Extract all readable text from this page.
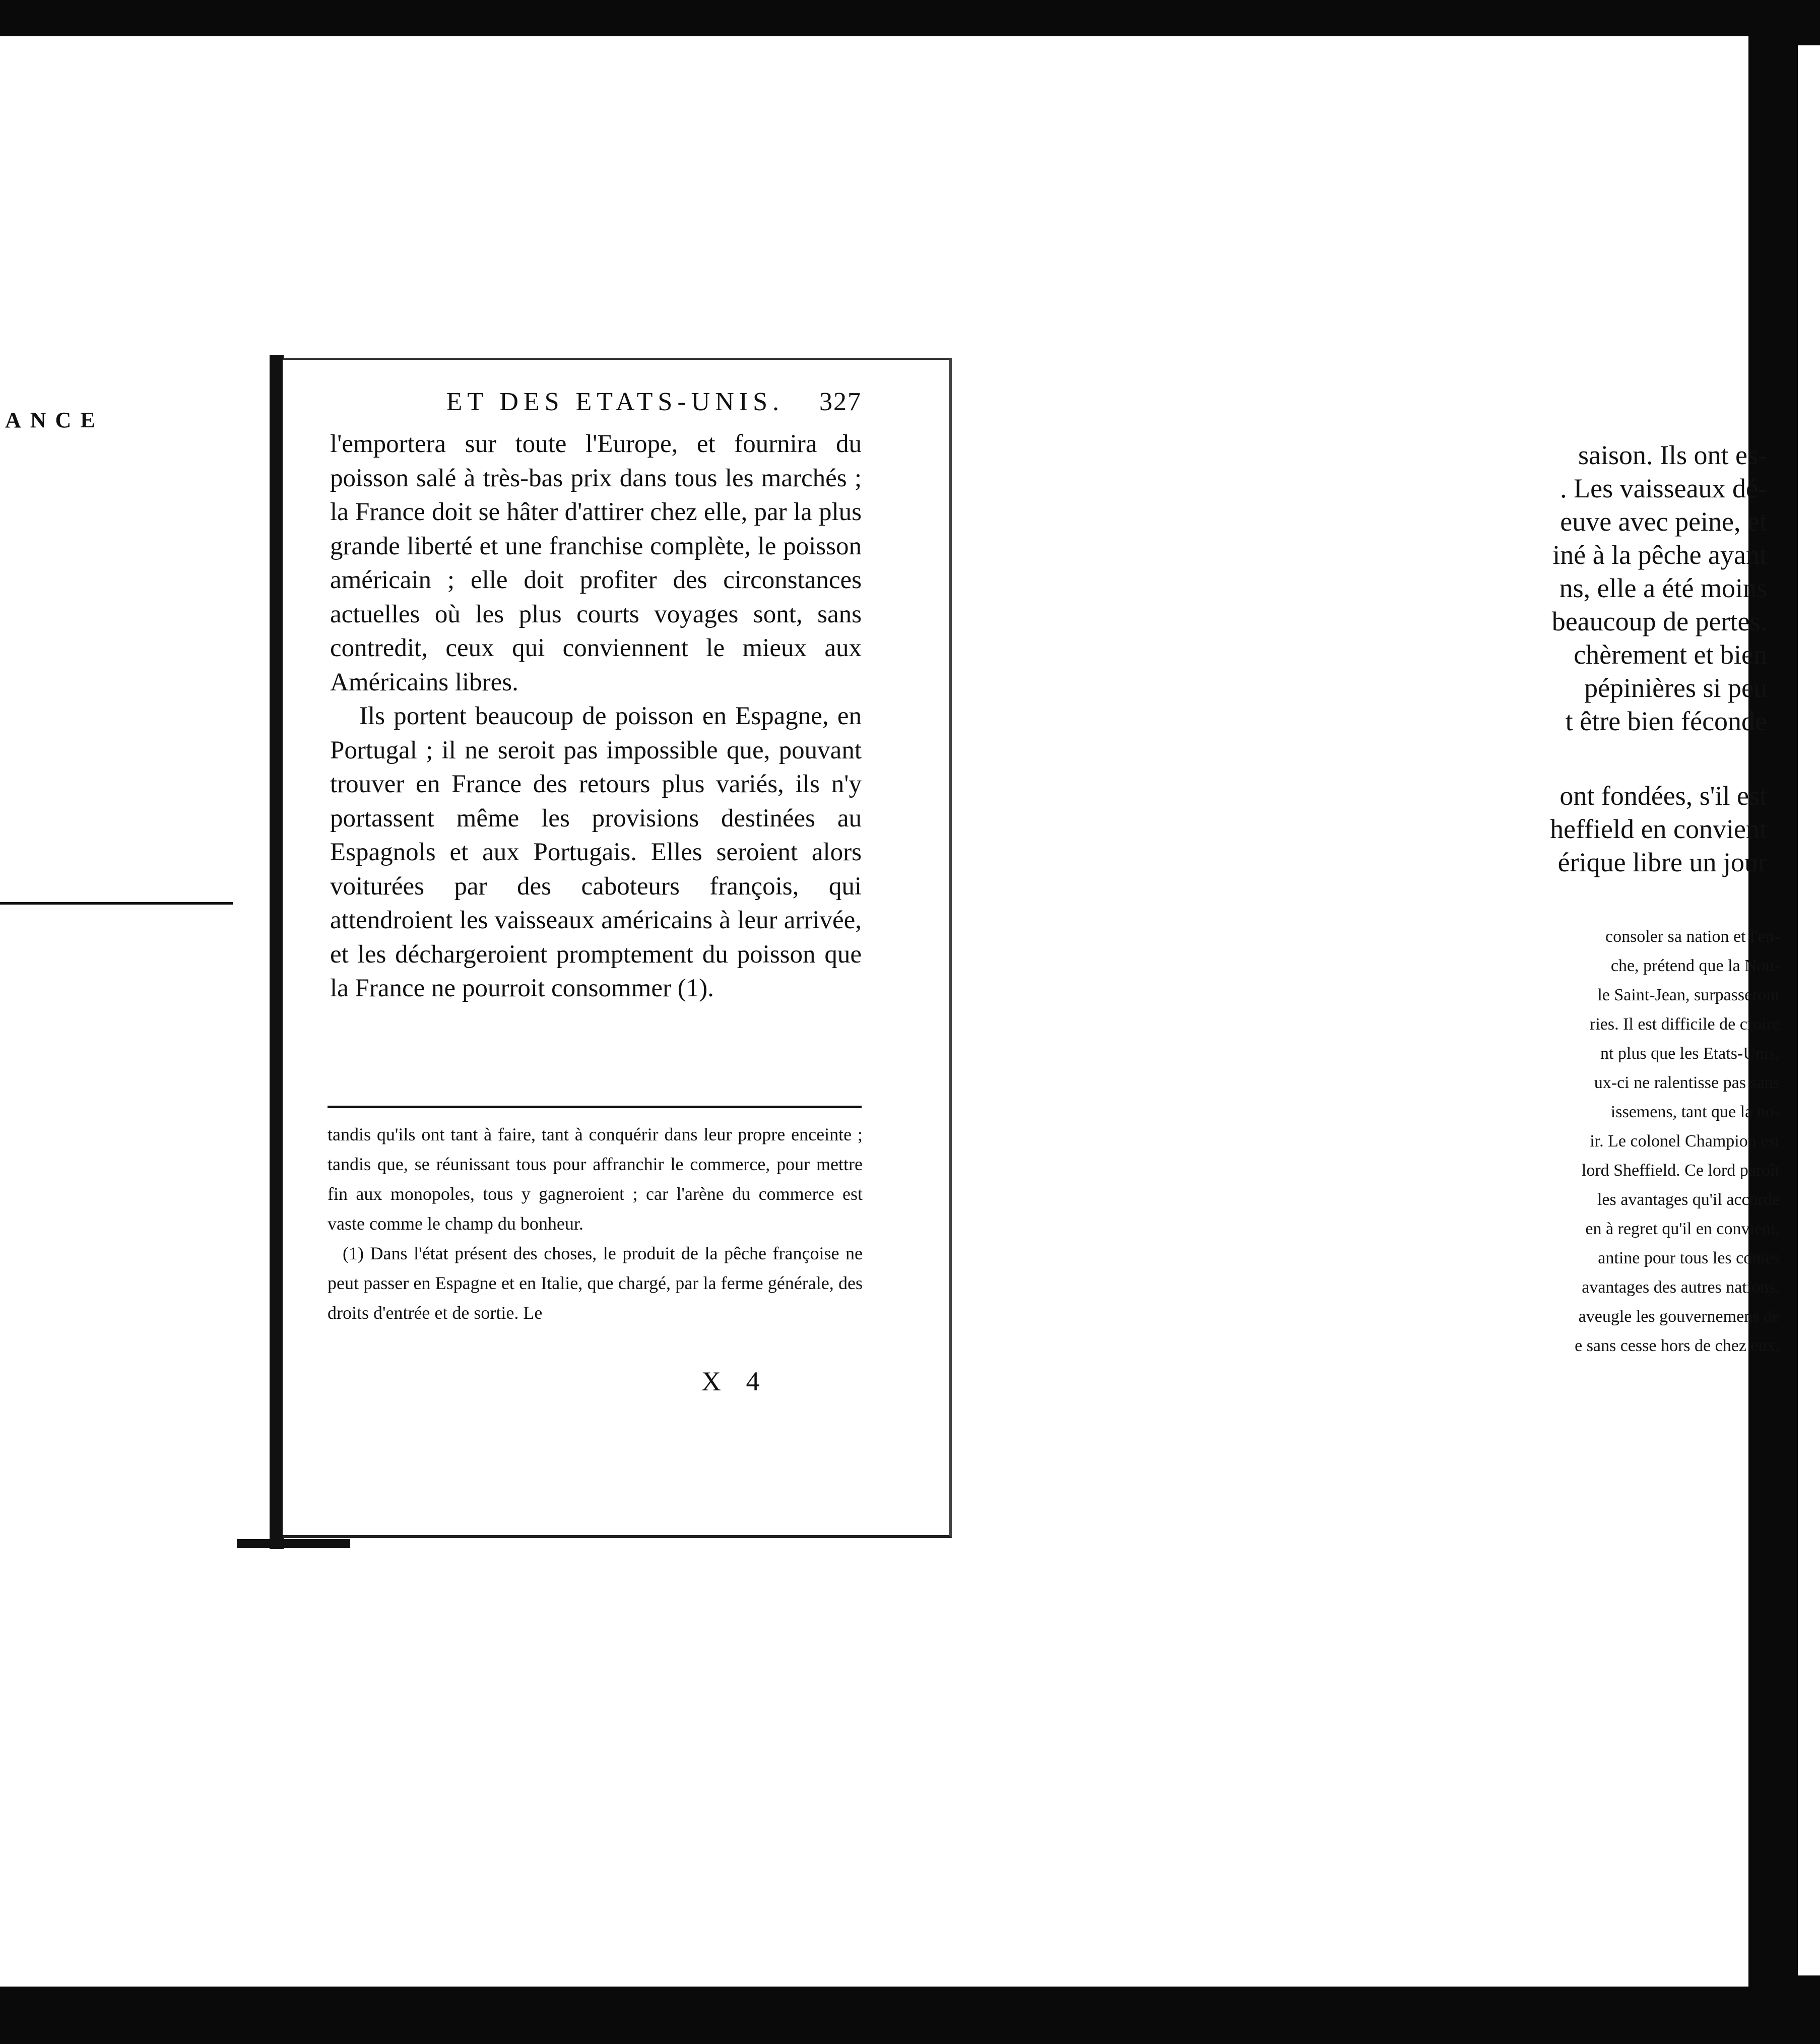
ANCE
saison. Ils ont es-
. Les vaisseaux dé-
euve avec peine, et
iné à la pêche ayant
ns, elle a été moins
beaucoup de pertes.
chèrement et bien
pépinières si peu
t être bien féconde
ont fondées, s'il est
heffield en convient
érique libre un jour
consoler sa nation et l'en-
che, prétend que la Nou-
le Saint-Jean, surpasseront
ries. Il est difficile de croire
nt plus que les Etats-Unis,
ux-ci ne ralentisse pas sans
issemens, tant que la no-
ir. Le colonel Champion est
lord Sheffield. Ce lord paroît
les avantages qu'il accorde
en à regret qu'il en convient,
antine pour tous les contes
avantages des autres nations.
aveugle les gouvernemens de
e sans cesse hors de chez eux,
ET DES ETATS-UNIS. 327

l'emportera sur toute l'Europe, et fournira du poisson salé à très-bas prix dans tous les marchés ; la France doit se hâter d'attirer chez elle, par la plus grande liberté et une franchise complète, le poisson américain ; elle doit profiter des circonstances actuelles où les plus courts voyages sont, sans contredit, ceux qui conviennent le mieux aux Américains libres.

Ils portent beaucoup de poisson en Espagne, en Portugal ; il ne seroit pas impossible que, pouvant trouver en France des retours plus variés, ils n'y portassent même les provisions destinées au Espagnols et aux Portugais. Elles seroient alors voiturées par des caboteurs françois, qui attendroient les vaisseaux américains à leur arrivée, et les déchargeroient promptement du poisson que la France ne pourroit consommer (1).

tandis qu'ils ont tant à faire, tant à conquérir dans leur propre enceinte ; tandis que, se réunissant tous pour affranchir le commerce, pour mettre fin aux monopoles, tous y gagneroient ; car l'arène du commerce est vaste comme le champ du bonheur.

(1) Dans l'état présent des choses, le produit de la pêche françoise ne peut passer en Espagne et en Italie, que chargé, par la ferme générale, des droits d'entrée et de sortie. Le

X 4
